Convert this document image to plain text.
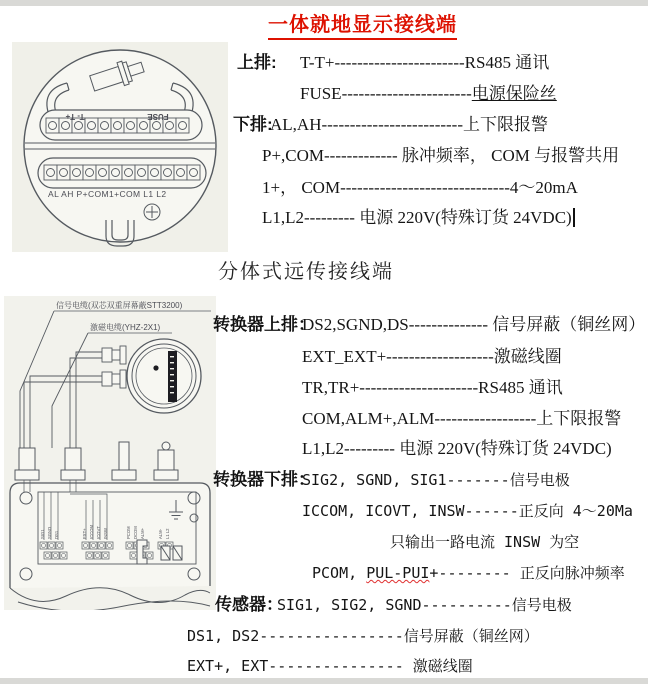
一体就地显示接线端
T- T+	FUSE
AL AH P+COM1+COM L1 L2
上排: T-T+-----------------------RS485 通讯
FUSE-----------------------电源保险丝
下排:AL,AH-------------------------上下限报警
P+,COM------------- 脉冲频率， COM 与报警共用
1+， COM------------------------------4～20mA
L1,L2--------- 电源 220V(特殊订货 24VDC)
分体式远传接线端
信号电缆(双芯双重屏幕蔽STT3200)
激磁电缆(YHZ-2X1)
SIG1 SGND DS1	EXT+ ICCOM ICOVT INSW	PCOM DCOM ALM+	ALM- L1 L2
转换器上排：DS2,SGND,DS-------------- 信号屏蔽（铜丝网）
EXT_EXT+-------------------激磁线圈
TR,TR+---------------------RS485 通讯
COM,ALM+,ALM------------------上下限报警
L1,L2--------- 电源 220V(特殊订货 24VDC)
转换器下排：SIG2, SGND, SIG1-------信号电极
ICCOM, ICOVT, INSW------正反向 4～20Ma
只输出一路电流 INSW 为空
PCOM, PUL-PUI+-------- 正反向脉冲频率
传感器：SIG1, SIG2, SGND----------信号电极
DS1, DS2----------------信号屏蔽（铜丝网）
EXT+, EXT--------------- 激磁线圈
